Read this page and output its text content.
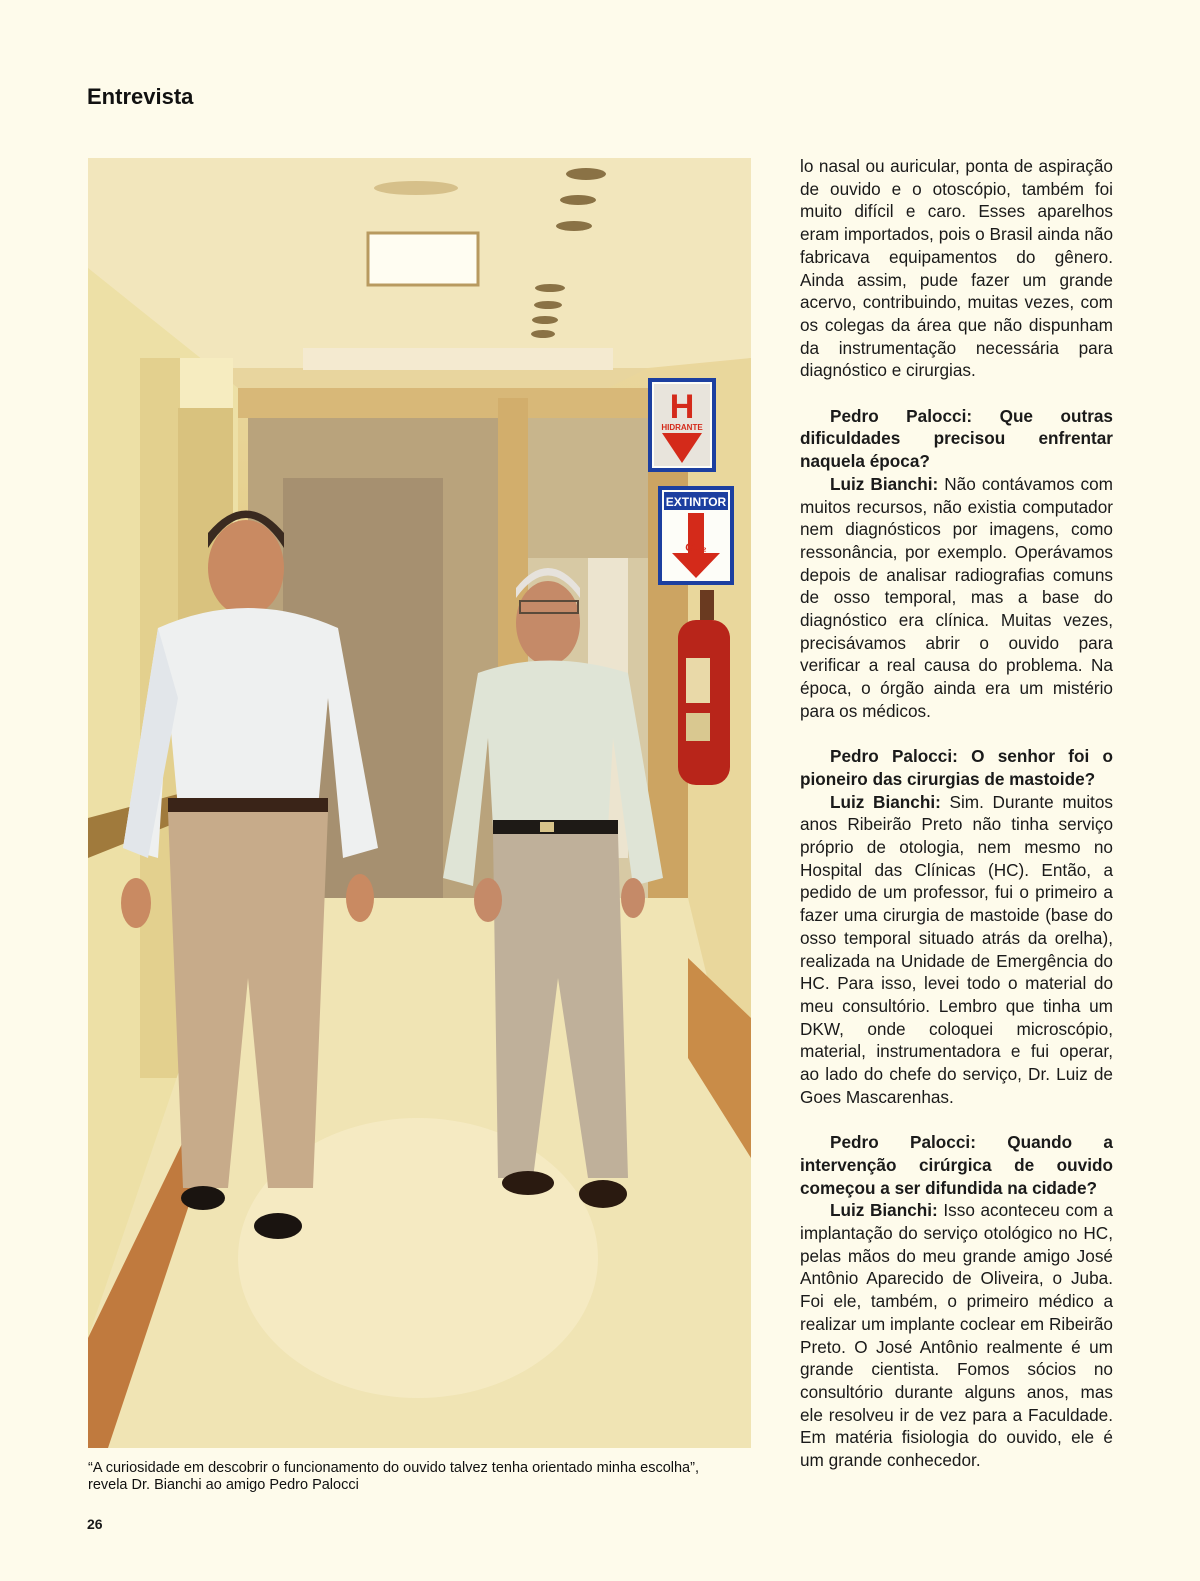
Entrevista
H
HIDRANTE
EXTINTOR
CO₂
“A curiosidade em descobrir o funcionamento do ouvido talvez tenha orientado minha escolha”,
revela Dr. Bianchi ao amigo Pedro Palocci
26

lo nasal ou auricular, ponta de aspiração de ouvido e o otoscópio, também foi muito difícil e caro. Esses aparelhos eram importados, pois o Brasil ainda não fabricava equipamentos do gênero. Ainda assim, pude fazer um grande acervo, contribuindo, muitas vezes, com os colegas da área que não dispunham da instrumentação necessária para diagnóstico e cirurgias.

Pedro Palocci: Que outras dificuldades precisou enfrentar naquela época?

Luiz Bianchi: Não contávamos com muitos recursos, não existia computador nem diagnósticos por imagens, como ressonância, por exemplo. Operávamos depois de analisar radiografias comuns de osso temporal, mas a base do diagnóstico era clínica. Muitas vezes, precisávamos abrir o ouvido para verificar a real causa do problema. Na época, o órgão ainda era um mistério para os médicos.

Pedro Palocci: O senhor foi o pioneiro das cirurgias de mastoide?

Luiz Bianchi: Sim. Durante muitos anos Ribeirão Preto não tinha serviço próprio de otologia, nem mesmo no Hospital das Clínicas (HC). Então, a pedido de um professor, fui o primeiro a fazer uma cirurgia de mastoide (base do osso temporal situado atrás da orelha), realizada na Unidade de Emergência do HC. Para isso, levei todo o material do meu consultório. Lembro que tinha um DKW, onde coloquei microscópio, material, instrumentadora e fui operar, ao lado do chefe do serviço, Dr. Luiz de Goes Mascarenhas.

Pedro Palocci: Quando a intervenção cirúrgica de ouvido começou a ser difundida na cidade?

Luiz Bianchi: Isso aconteceu com a implantação do serviço otológico no HC, pelas mãos do meu grande amigo José Antônio Aparecido de Oliveira, o Juba. Foi ele, também, o primeiro médico a realizar um implante coclear em Ribeirão Preto. O José Antônio realmente é um grande cientista. Fomos sócios no consultório durante alguns anos, mas ele resolveu ir de vez para a Faculdade. Em matéria fisiologia do ouvido, ele é um grande conhecedor.
